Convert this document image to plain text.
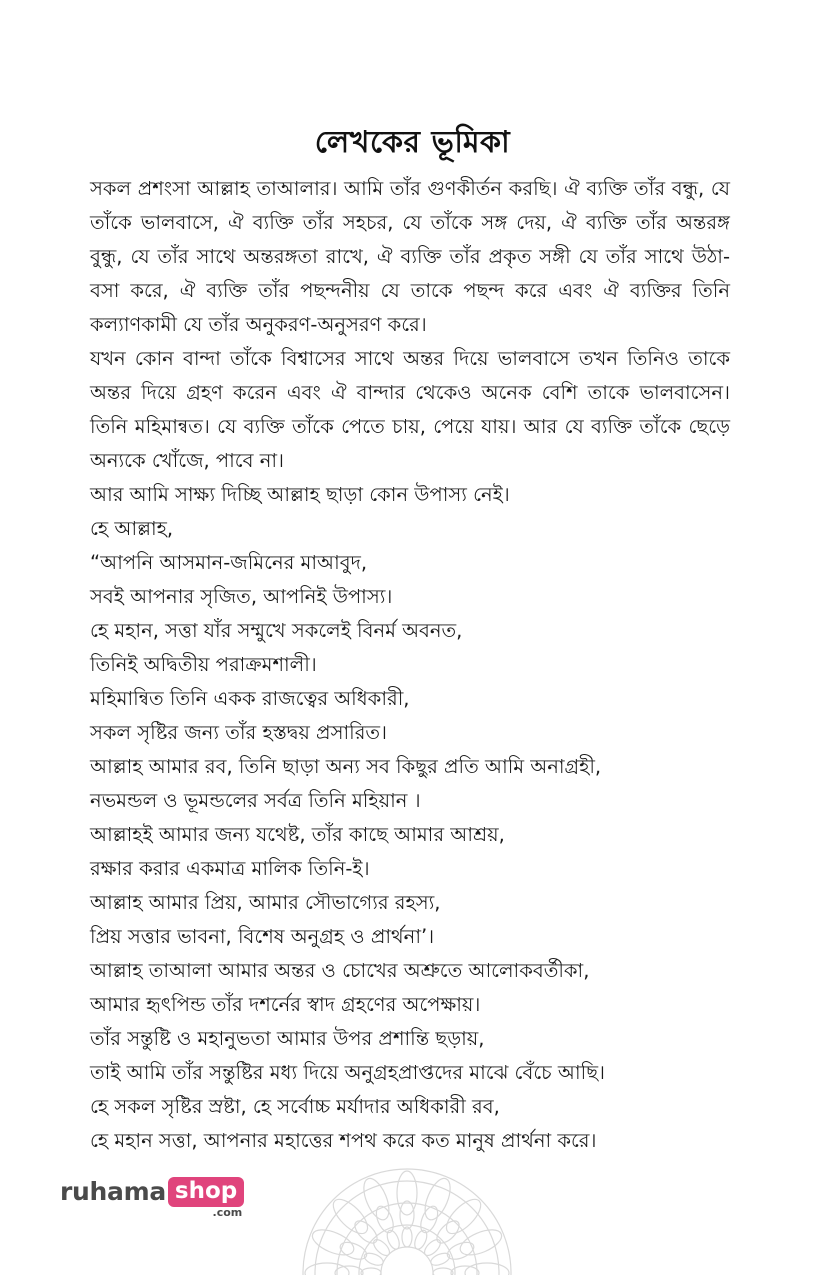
লেখকের ভূমিকা

সকল প্রশংসা আল্লাহ তাআলার। আমি তাঁর গুণকীর্তন করছি। ঐ ব্যক্তি তাঁর বন্ধু, যে তাঁকে ভালবাসে, ঐ ব্যক্তি তাঁর সহচর, যে তাঁকে সঙ্গ দেয়, ঐ ব্যক্তি তাঁর অন্তরঙ্গ বুন্ধু, যে তাঁর সাথে অন্তরঙ্গতা রাখে, ঐ ব্যক্তি তাঁর প্রকৃত সঙ্গী যে তাঁর সাথে উঠা-বসা করে, ঐ ব্যক্তি তাঁর পছন্দনীয় যে তাকে পছন্দ করে এবং ঐ ব্যক্তির তিনি কল্যাণকামী যে তাঁর অনুকরণ-অনুসরণ করে।

যখন কোন বান্দা তাঁকে বিশ্বাসের সাথে অন্তর দিয়ে ভালবাসে তখন তিনিও তাকে অন্তর দিয়ে গ্রহণ করেন এবং ঐ বান্দার থেকেও অনেক বেশি তাকে ভালবাসেন। তিনি মহিমান্বত। যে ব্যক্তি তাঁকে পেতে চায়, পেয়ে যায়। আর যে ব্যক্তি তাঁকে ছেড়ে অন্যকে খোঁজে, পাবে না।

আর আমি সাক্ষ্য দিচ্ছি আল্লাহ ছাড়া কোন উপাস্য নেই।

হে আল্লাহ,

“আপনি আসমান-জমিনের মাআবুদ,

সবই আপনার সৃজিত, আপনিই উপাস্য।

হে মহান, সত্তা যাঁর সম্মুখে সকলেই বিনর্ম অবনত,

তিনিই অদ্বিতীয় পরাক্রমশালী।

মহিমান্বিত তিনি একক রাজত্বের অধিকারী,

সকল সৃষ্টির জন্য তাঁর হস্তদ্বয় প্রসারিত।

আল্লাহ আমার রব, তিনি ছাড়া অন্য সব কিছুর প্রতি আমি অনাগ্রহী,

নভমন্ডল ও ভূমন্ডলের সর্বত্র তিনি মহিয়ান ।

আল্লাহই আমার জন্য যথেষ্ট, তাঁর কাছে আমার আশ্রয়,

রক্ষার করার একমাত্র মালিক তিনি-ই।

আল্লাহ আমার প্রিয়, আমার সৌভাগ্যের রহস্য,

প্রিয় সত্তার ভাবনা, বিশেষ অনুগ্রহ ও প্রার্থনা’।

আল্লাহ তাআলা আমার অন্তর ও চোখের অশ্রুতে আলোকবর্তীকা,

আমার হৃৎপিন্ড তাঁর দশর্নের স্বাদ গ্রহণের অপেক্ষায়।

তাঁর সন্তুষ্টি ও মহানুভতা আমার উপর প্রশান্তি ছড়ায়,

তাই আমি তাঁর সন্তুষ্টির মধ্য দিয়ে অনুগ্রহপ্রাপ্তদের মাঝে বেঁচে আছি।

হে সকল সৃষ্টির স্রষ্টা, হে সর্বোচ্চ মর্যাদার অধিকারী রব,

হে মহান সত্তা, আপনার মহাত্তের শপথ করে কত মানুষ প্রার্থনা করে।

ruhama shop
.com
